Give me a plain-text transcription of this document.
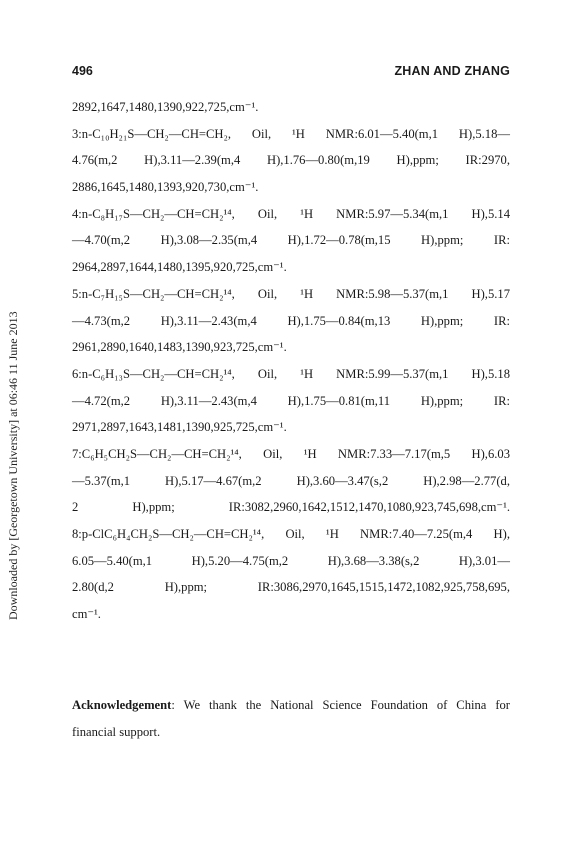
Downloaded by [Georgetown University] at 06:46 11 June 2013
496	ZHAN AND ZHANG
2892,1647,1480,1390,922,725,cm⁻¹.
3:n-C₁₀H₂₁S—CH₂—CH=CH₂, Oil, ¹H NMR:6.01—5.40(m,1 H),5.18—
4.76(m,2 H),3.11—2.39(m,4 H),1.76—0.80(m,19 H),ppm; IR:2970,
2886,1645,1480,1393,920,730,cm⁻¹.
4:n-C₈H₁₇S—CH₂—CH=CH₂¹⁴, Oil, ¹H NMR:5.97—5.34(m,1 H),5.14
—4.70(m,2 H),3.08—2.35(m,4 H),1.72—0.78(m,15 H),ppm; IR:
2964,2897,1644,1480,1395,920,725,cm⁻¹.
5:n-C₇H₁₅S—CH₂—CH=CH₂¹⁴, Oil, ¹H NMR:5.98—5.37(m,1 H),5.17
—4.73(m,2 H),3.11—2.43(m,4 H),1.75—0.84(m,13 H),ppm; IR:
2961,2890,1640,1483,1390,923,725,cm⁻¹.
6:n-C₆H₁₃S—CH₂—CH=CH₂¹⁴, Oil, ¹H NMR:5.99—5.37(m,1 H),5.18
—4.72(m,2 H),3.11—2.43(m,4 H),1.75—0.81(m,11 H),ppm; IR:
2971,2897,1643,1481,1390,925,725,cm⁻¹.
7:C₆H₅CH₂S—CH₂—CH=CH₂¹⁴, Oil, ¹H NMR:7.33—7.17(m,5 H),6.03
—5.37(m,1 H),5.17—4.67(m,2 H),3.60—3.47(s,2 H),2.98—2.77(d,
2 H),ppm; IR:3082,2960,1642,1512,1470,1080,923,745,698,cm⁻¹.
8:p-ClC₆H₄CH₂S—CH₂—CH=CH₂¹⁴, Oil, ¹H NMR:7.40—7.25(m,4 H),
6.05—5.40(m,1 H),5.20—4.75(m,2 H),3.68—3.38(s,2 H),3.01—
2.80(d,2 H),ppm; IR:3086,2970,1645,1515,1472,1082,925,758,695,
cm⁻¹.
Acknowledgement: We thank the National Science Foundation of China for
financial support.
